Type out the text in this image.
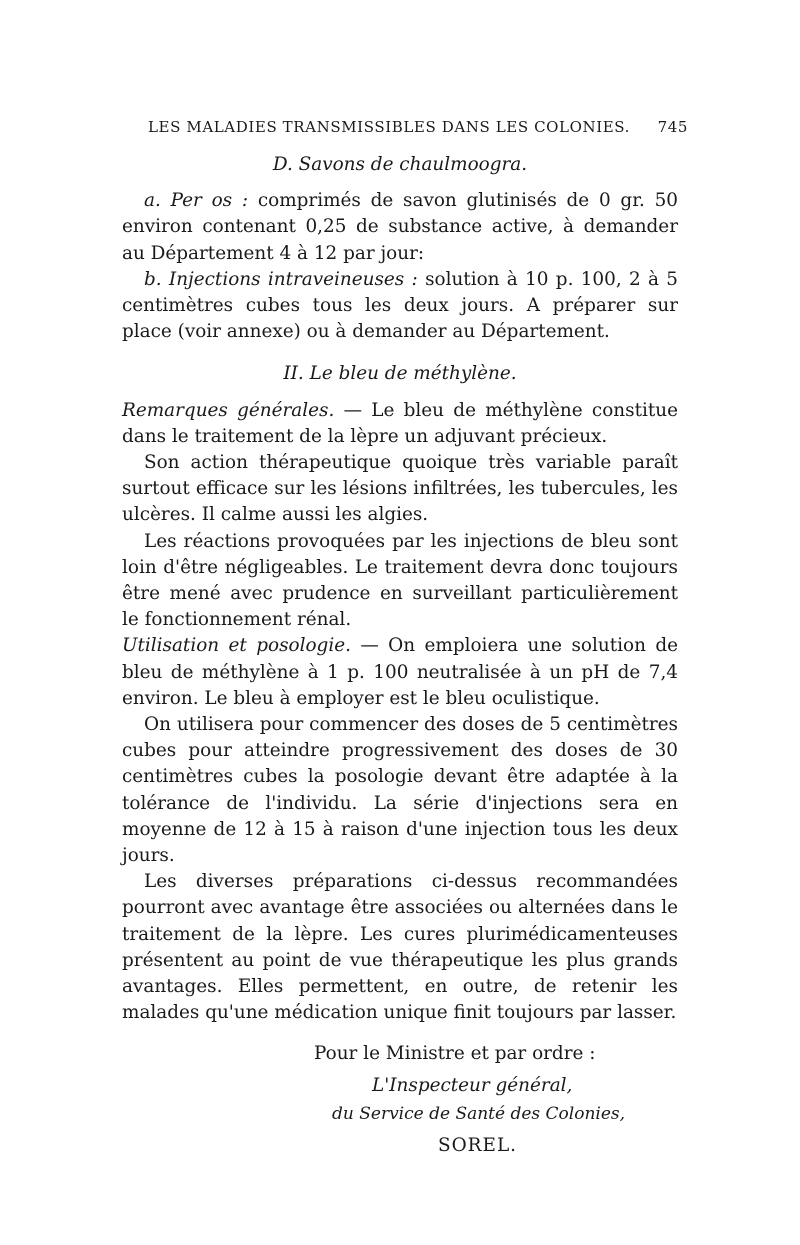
LES MALADIES TRANSMISSIBLES DANS LES COLONIES. 745
D. Savons de chaulmoogra.

a. Per os : comprimés de savon glutinisés de 0 gr. 50 environ contenant 0,25 de substance active, à demander au Département 4 à 12 par jour:

b. Injections intraveineuses : solution à 10 p. 100, 2 à 5 centimètres cubes tous les deux jours. A préparer sur place (voir annexe) ou à demander au Département.

II. Le bleu de méthylène.

Remarques générales. — Le bleu de méthylène constitue dans le traitement de la lèpre un adjuvant précieux.

Son action thérapeutique quoique très variable paraît surtout efficace sur les lésions infiltrées, les tubercules, les ulcères. Il calme aussi les algies.

Les réactions provoquées par les injections de bleu sont loin d'être négligeables. Le traitement devra donc toujours être mené avec prudence en surveillant particulièrement le fonctionnement rénal.

Utilisation et posologie. — On emploiera une solution de bleu de méthylène à 1 p. 100 neutralisée à un pH de 7,4 environ. Le bleu à employer est le bleu oculistique.

On utilisera pour commencer des doses de 5 centimètres cubes pour atteindre progressivement des doses de 30 centimètres cubes la posologie devant être adaptée à la tolérance de l'individu. La série d'injections sera en moyenne de 12 à 15 à raison d'une injection tous les deux jours.

Les diverses préparations ci-dessus recommandées pourront avec avantage être associées ou alternées dans le traitement de la lèpre. Les cures plurimédicamenteuses présentent au point de vue thérapeutique les plus grands avantages. Elles permettent, en outre, de retenir les malades qu'une médication unique finit toujours par lasser.

Pour le Ministre et par ordre :
L'Inspecteur général,
du Service de Santé des Colonies,
SOREL.
